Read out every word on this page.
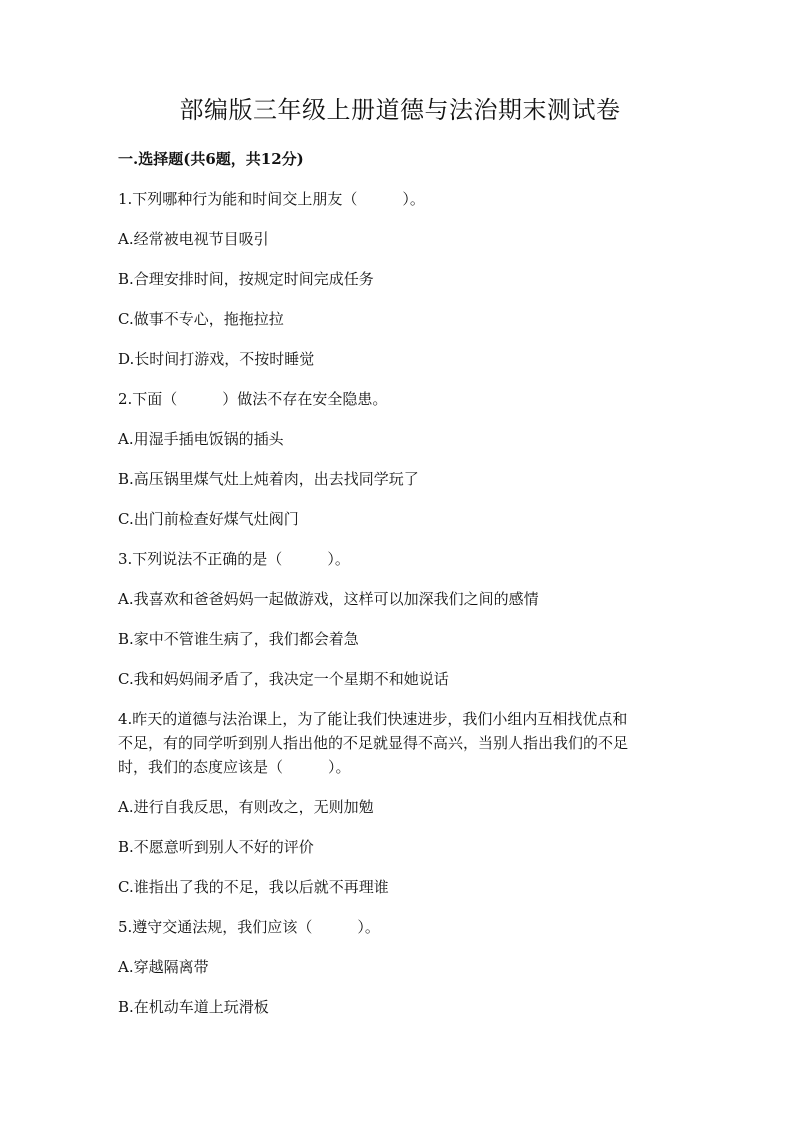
部编版三年级上册道德与法治期末测试卷
一.选择题(共6题，共12分)
1.下列哪种行为能和时间交上朋友（　　　）。
A.经常被电视节目吸引
B.合理安排时间，按规定时间完成任务
C.做事不专心，拖拖拉拉
D.长时间打游戏，不按时睡觉
2.下面（　　　）做法不存在安全隐患。
A.用湿手插电饭锅的插头
B.高压锅里煤气灶上炖着肉，出去找同学玩了
C.出门前检查好煤气灶阀门
3.下列说法不正确的是（　　　）。
A.我喜欢和爸爸妈妈一起做游戏，这样可以加深我们之间的感情
B.家中不管谁生病了，我们都会着急
C.我和妈妈闹矛盾了，我决定一个星期不和她说话
4.昨天的道德与法治课上，为了能让我们快速进步，我们小组内互相找优点和
不足，有的同学听到别人指出他的不足就显得不高兴，当别人指出我们的不足
时，我们的态度应该是（　　　）。
A.进行自我反思，有则改之，无则加勉
B.不愿意听到别人不好的评价
C.谁指出了我的不足，我以后就不再理谁
5.遵守交通法规，我们应该（　　　）。
A.穿越隔离带
B.在机动车道上玩滑板
